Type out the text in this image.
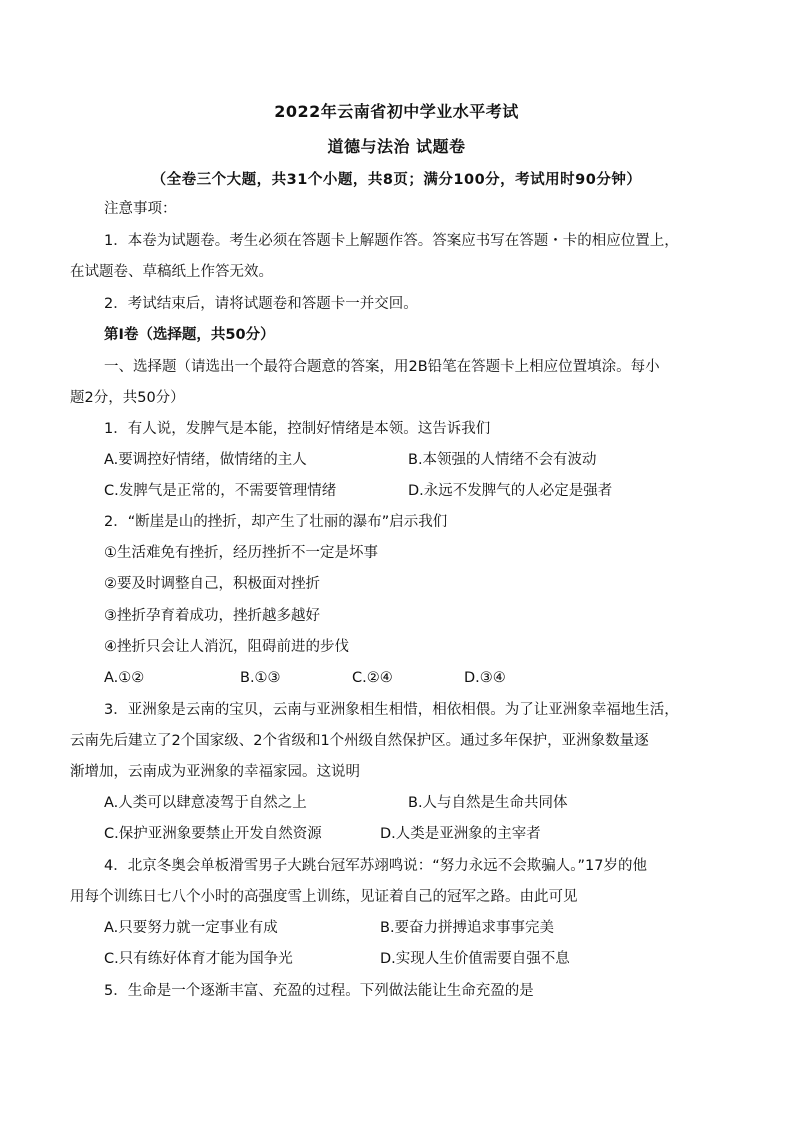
2022年云南省初中学业水平考试
道德与法治 试题卷
（全卷三个大题，共31个小题，共8页；满分100分，考试用时90分钟）
注意事项：
1．本卷为试题卷。考生必须在答题卡上解题作答。答案应书写在答题・卡的相应位置上，
在试题卷、草稿纸上作答无效。
2．考试结束后，请将试题卷和答题卡一并交回。
第Ⅰ卷（选择题，共50分）
一、选择题（请选出一个最符合题意的答案，用2B铅笔在答题卡上相应位置填涂。每小
题2分，共50分）
1．有人说，发脾气是本能，控制好情绪是本领。这告诉我们
A.要调控好情绪，做情绪的主人	B.本领强的人情绪不会有波动
C.发脾气是正常的，不需要管理情绪	D.永远不发脾气的人必定是强者
2．“断崖是山的挫折，却产生了壮丽的瀑布”启示我们
①生活难免有挫折，经历挫折不一定是坏事
②要及时调整自己，积极面对挫折
③挫折孕育着成功，挫折越多越好
④挫折只会让人消沉，阻碍前进的步伐
A.①②	B.①③	C.②④	D.③④
3．亚洲象是云南的宝贝，云南与亚洲象相生相惜，相依相偎。为了让亚洲象幸福地生活，
云南先后建立了2个国家级、2个省级和1个州级自然保护区。通过多年保护，亚洲象数量逐
渐增加，云南成为亚洲象的幸福家园。这说明
A.人类可以肆意凌驾于自然之上	B.人与自然是生命共同体
C.保护亚洲象要禁止开发自然资源	D.人类是亚洲象的主宰者
4．北京冬奥会单板滑雪男子大跳台冠军苏翊鸣说：“努力永远不会欺骗人。”17岁的他
用每个训练日七八个小时的高强度雪上训练，见证着自己的冠军之路。由此可见
A.只要努力就一定事业有成	B.要奋力拼搏追求事事完美
C.只有练好体育才能为国争光	D.实现人生价值需要自强不息
5．生命是一个逐渐丰富、充盈的过程。下列做法能让生命充盈的是
